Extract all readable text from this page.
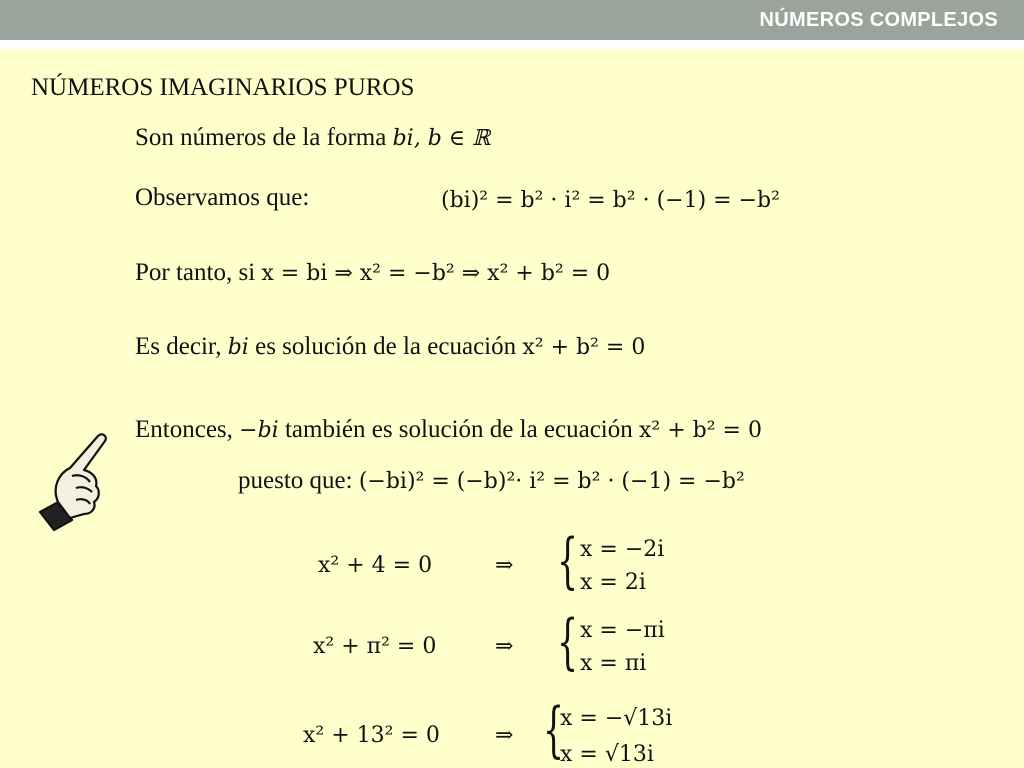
NÚMEROS COMPLEJOS
NÚMEROS IMAGINARIOS PUROS
Son números de la forma bi, b ∈ ℝ
Observamos que:	(bi)² = b² · i² = b² · (−1) = −b²
Por tanto, si x = bi ⇒ x² = −b² ⇒ x² + b² = 0
Es decir, bi es solución de la ecuación x² + b² = 0
Entonces, −bi también es solución de la ecuación x² + b² = 0
puesto que: (−bi)² = (−b)²· i² = b² · (−1) = −b²
x² + 4 = 0	⇒ { x = −2i
x = 2i
x² + π² = 0	⇒ { x = −πi
x = πi
x² + 13² = 0	⇒ {
x = −√13i
x = √13i
